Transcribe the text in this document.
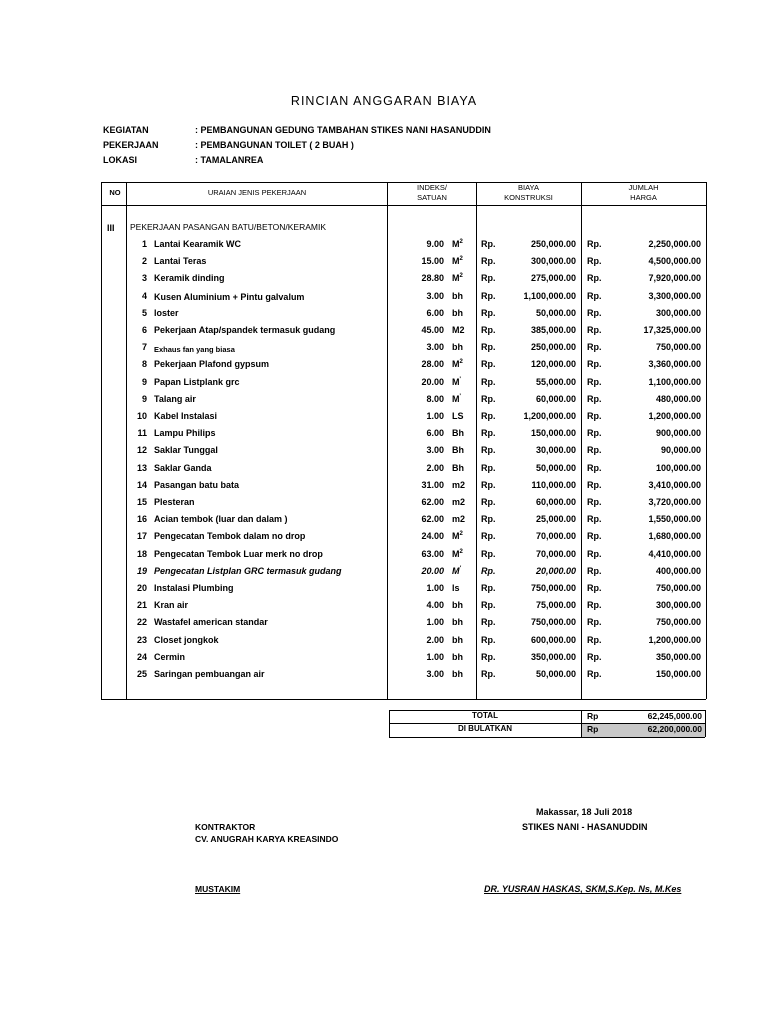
RINCIAN ANGGARAN BIAYA
KEGIATAN	: PEMBANGUNAN GEDUNG TAMBAHAN STIKES NANI HASANUDDIN
PEKERJAAN	: PEMBANGUNAN TOILET ( 2 BUAH )
LOKASI	: TAMALANREA
NO	URAIAN JENIS PEKERJAAN
INDEKS/
SATUAN
BIAYA
KONSTRUKSI
JUMLAH
HARGA
III PEKERJAAN PASANGAN BATU/BETON/KERAMIK
1 Lantai Kearamik WC	9.00 $M^2$ Rp.	250,000.00 Rp.	2,250,000.00
2 Lantai Teras	15.00 $M^2$ Rp.	300,000.00 Rp.	4,500,000.00
3 Keramik dinding	28.80 $M^2$ Rp.	275,000.00 Rp.	7,920,000.00
4 Kusen Aluminium + Pintu galvalum	3.00 bh Rp.	1,100,000.00 Rp.	3,300,000.00
5 loster	6.00 bh Rp.	50,000.00 Rp.	300,000.00
6 Pekerjaan Atap/spandek termasuk gudang	45.00 M2 Rp.	385,000.00 Rp.	17,325,000.00
7 Exhaus fan yang biasa	3.00 bh Rp.	250,000.00 Rp.	750,000.00
8 Pekerjaan Plafond gypsum	28.00 $M^2$ Rp.	120,000.00 Rp.	3,360,000.00
9 Papan Listplank grc	20.00 M' Rp.	55,000.00 Rp.	1,100,000.00
9 Talang air	8.00 M' Rp.	60,000.00 Rp.	480,000.00
10 Kabel Instalasi	1.00 LS Rp.	1,200,000.00 Rp.	1,200,000.00
11 Lampu Philips	6.00 Bh Rp.	150,000.00 Rp.	900,000.00
12 Saklar Tunggal	3.00 Bh Rp.	30,000.00 Rp.	90,000.00
13 Saklar Ganda	2.00 Bh Rp.	50,000.00 Rp.	100,000.00
14 Pasangan batu bata	31.00 m2 Rp.	110,000.00 Rp.	3,410,000.00
15 Plesteran	62.00 m2 Rp.	60,000.00 Rp.	3,720,000.00
16 Acian tembok (luar dan dalam )	62.00 m2 Rp.	25,000.00 Rp.	1,550,000.00
17 Pengecatan Tembok dalam no drop	24.00 $M^2$ Rp.	70,000.00 Rp.	1,680,000.00
18 Pengecatan Tembok Luar merk no drop	63.00 $M^2$ Rp.	70,000.00 Rp.	4,410,000.00
19 Pengecatan Listplan GRC termasuk gudang	20.00 M' Rp.	20,000.00 Rp.	400,000.00
20 Instalasi Plumbing	1.00 ls Rp.	750,000.00 Rp.	750,000.00
21 Kran air	4.00 bh Rp.	75,000.00 Rp.	300,000.00
22 Wastafel american standar	1.00 bh Rp.	750,000.00 Rp.	750,000.00
23 Closet jongkok	2.00 bh Rp.	600,000.00 Rp.	1,200,000.00
24 Cermin	1.00 bh Rp.	350,000.00 Rp.	350,000.00
25 Saringan pembuangan air	3.00 bh Rp.	50,000.00 Rp.	150,000.00
TOTAL	Rp	62,245,000.00
DI BULATKAN	Rp	62,200,000.00
Makassar, 18 Juli 2018
KONTRAKTOR
CV. ANUGRAH KARYA KREASINDO
STIKES NANI - HASANUDDIN
MUSTAKIM	DR. YUSRAN HASKAS, SKM,S.Kep. Ns, M.Kes
